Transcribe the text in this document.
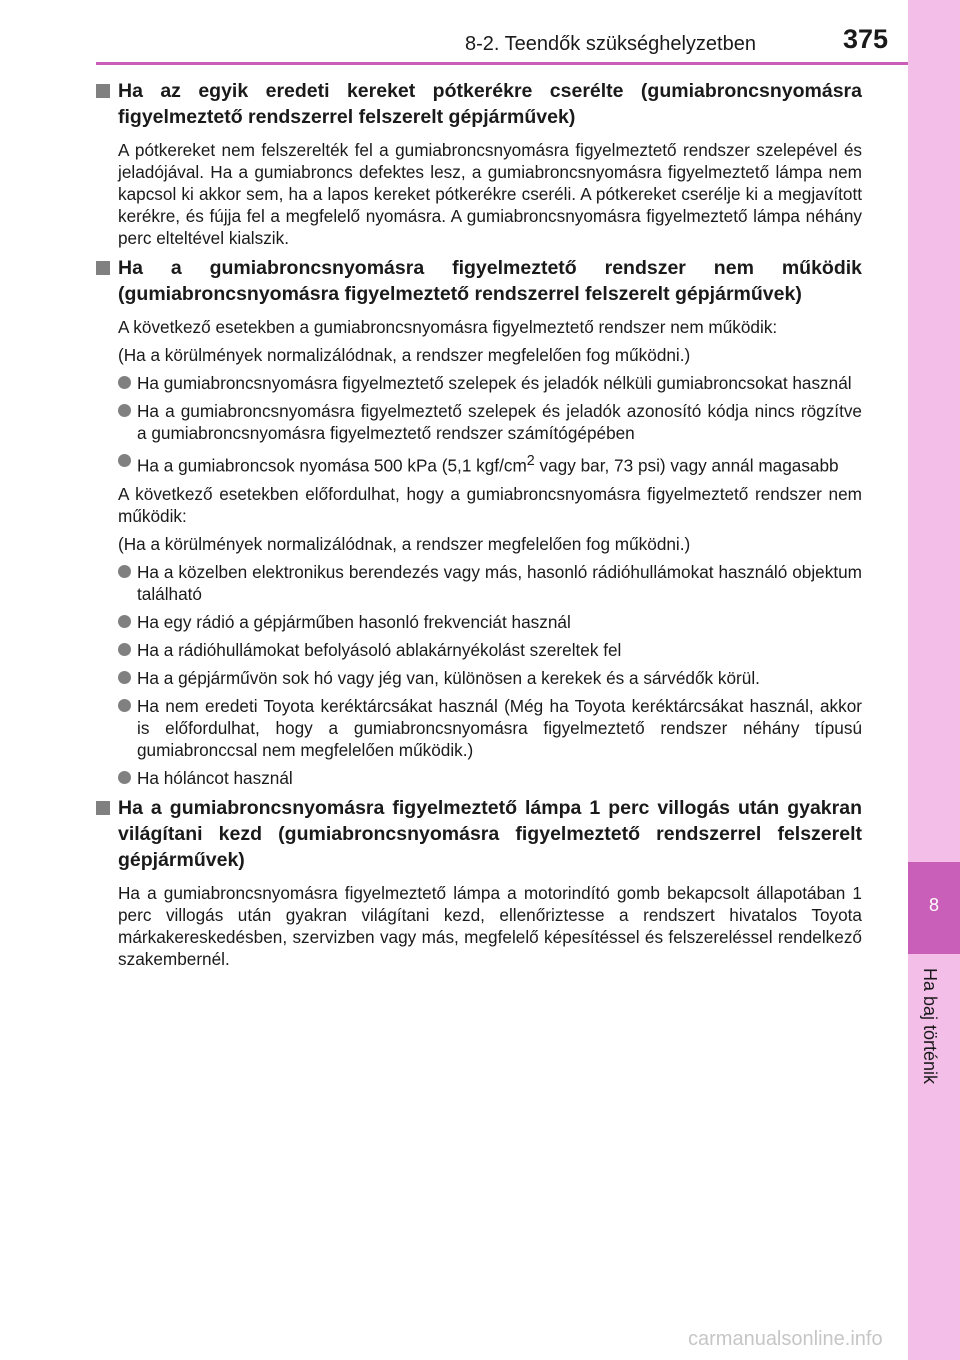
8-2. Teendők szükséghelyzetben	375
8
Ha baj történik
Ha az egyik eredeti kereket pótkerékre cserélte (gumiabroncsnyomásra figyelmeztető rendszerrel felszerelt gépjárművek)

A pótkereket nem felszerelték fel a gumiabroncsnyomásra figyelmeztető rendszer szelepével és jeladójával. Ha a gumiabroncs defektes lesz, a gumiabroncsnyomásra figyelmeztető lámpa nem kapcsol ki akkor sem, ha a lapos kereket pótkerékre cseréli. A pótkereket cserélje ki a megjavított kerékre, és fújja fel a megfelelő nyomásra. A gumiabroncsnyomásra figyelmeztető lámpa néhány perc elteltével kialszik.

Ha a gumiabroncsnyomásra figyelmeztető rendszer nem működik (gumiabroncsnyomásra figyelmeztető rendszerrel felszerelt gépjárművek)

A következő esetekben a gumiabroncsnyomásra figyelmeztető rendszer nem működik:

(Ha a körülmények normalizálódnak, a rendszer megfelelően fog működni.)

Ha gumiabroncsnyomásra figyelmeztető szelepek és jeladók nélküli gumiabroncsokat használ
Ha a gumiabroncsnyomásra figyelmeztető szelepek és jeladók azonosító kódja nincs rögzítve a gumiabroncsnyomásra figyelmeztető rendszer számítógépében
Ha a gumiabroncsok nyomása 500 kPa (5,1 kgf/$cm^2$ vagy bar, 73 psi) vagy annál magasabb

A következő esetekben előfordulhat, hogy a gumiabroncsnyomásra figyelmeztető rendszer nem működik:

(Ha a körülmények normalizálódnak, a rendszer megfelelően fog működni.)

Ha a közelben elektronikus berendezés vagy más, hasonló rádióhullámokat használó objektum található
Ha egy rádió a gépjárműben hasonló frekvenciát használ
Ha a rádióhullámokat befolyásoló ablakárnyékolást szereltek fel
Ha a gépjárművön sok hó vagy jég van, különösen a kerekek és a sárvédők körül.
Ha nem eredeti Toyota keréktárcsákat használ (Még ha Toyota keréktárcsákat használ, akkor is előfordulhat, hogy a gumiabroncsnyomásra figyelmeztető rendszer néhány típusú gumiabronccsal nem megfelelően működik.)
Ha hóláncot használ
Ha a gumiabroncsnyomásra figyelmeztető lámpa 1 perc villogás után gyakran világítani kezd (gumiabroncsnyomásra figyelmeztető rendszerrel felszerelt gépjárművek)

Ha a gumiabroncsnyomásra figyelmeztető lámpa a motorindító gomb bekapcsolt állapotában 1 perc villogás után gyakran világítani kezd, ellenőriztesse a rendszert hivatalos Toyota márkakereskedésben, szervizben vagy más, megfelelő képesítéssel és felszereléssel rendelkező szakembernél.

carmanualsonline.info
